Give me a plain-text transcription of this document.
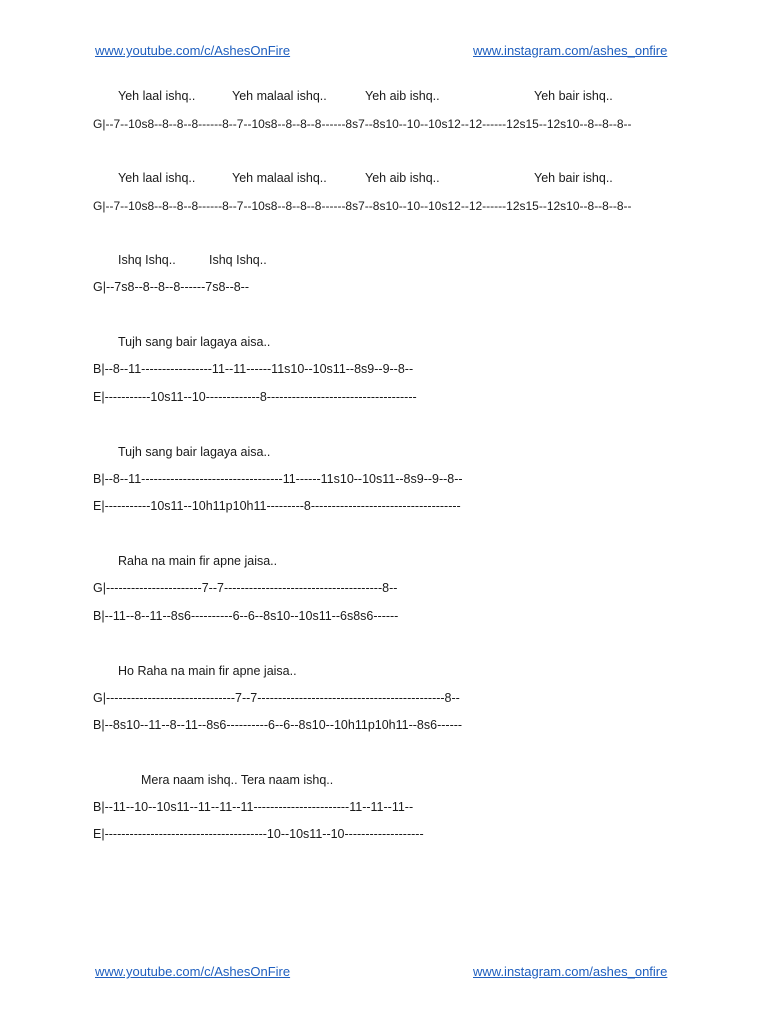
www.youtube.com/c/AshesOnFire	www.instagram.com/ashes_onfire
Yeh laal ishq..	Yeh malaal ishq..	Yeh aib ishq..	Yeh bair ishq..
G|--7--10s8--8--8--8------8--7--10s8--8--8--8------8s7--8s10--10--10s12--12------12s15--12s10--8--8--8--
Yeh laal ishq..	Yeh malaal ishq..	Yeh aib ishq..	Yeh bair ishq..
G|--7--10s8--8--8--8------8--7--10s8--8--8--8------8s7--8s10--10--10s12--12------12s15--12s10--8--8--8--
Ishq Ishq..	Ishq Ishq..
G|--7s8--8--8--8------7s8--8--
Tujh sang bair lagaya aisa..
B|--8--11-----------------11--11------11s10--10s11--8s9--9--8--
E|-----------10s11--10-------------8------------------------------------
Tujh sang bair lagaya aisa..
B|--8--11----------------------------------11------11s10--10s11--8s9--9--8--
E|-----------10s11--10h11p10h11---------8------------------------------------
Raha na main fir apne jaisa..
G|-----------------------7--7--------------------------------------8--
B|--11--8--11--8s6----------6--6--8s10--10s11--6s8s6------
Ho Raha na main fir apne jaisa..
G|-------------------------------7--7---------------------------------------------8--
B|--8s10--11--8--11--8s6----------6--6--8s10--10h11p10h11--8s6------
Mera naam ishq.. Tera naam ishq..
B|--11--10--10s11--11--11--11-----------------------11--11--11--
E|---------------------------------------10--10s11--10-------------------
www.youtube.com/c/AshesOnFire	www.instagram.com/ashes_onfire
